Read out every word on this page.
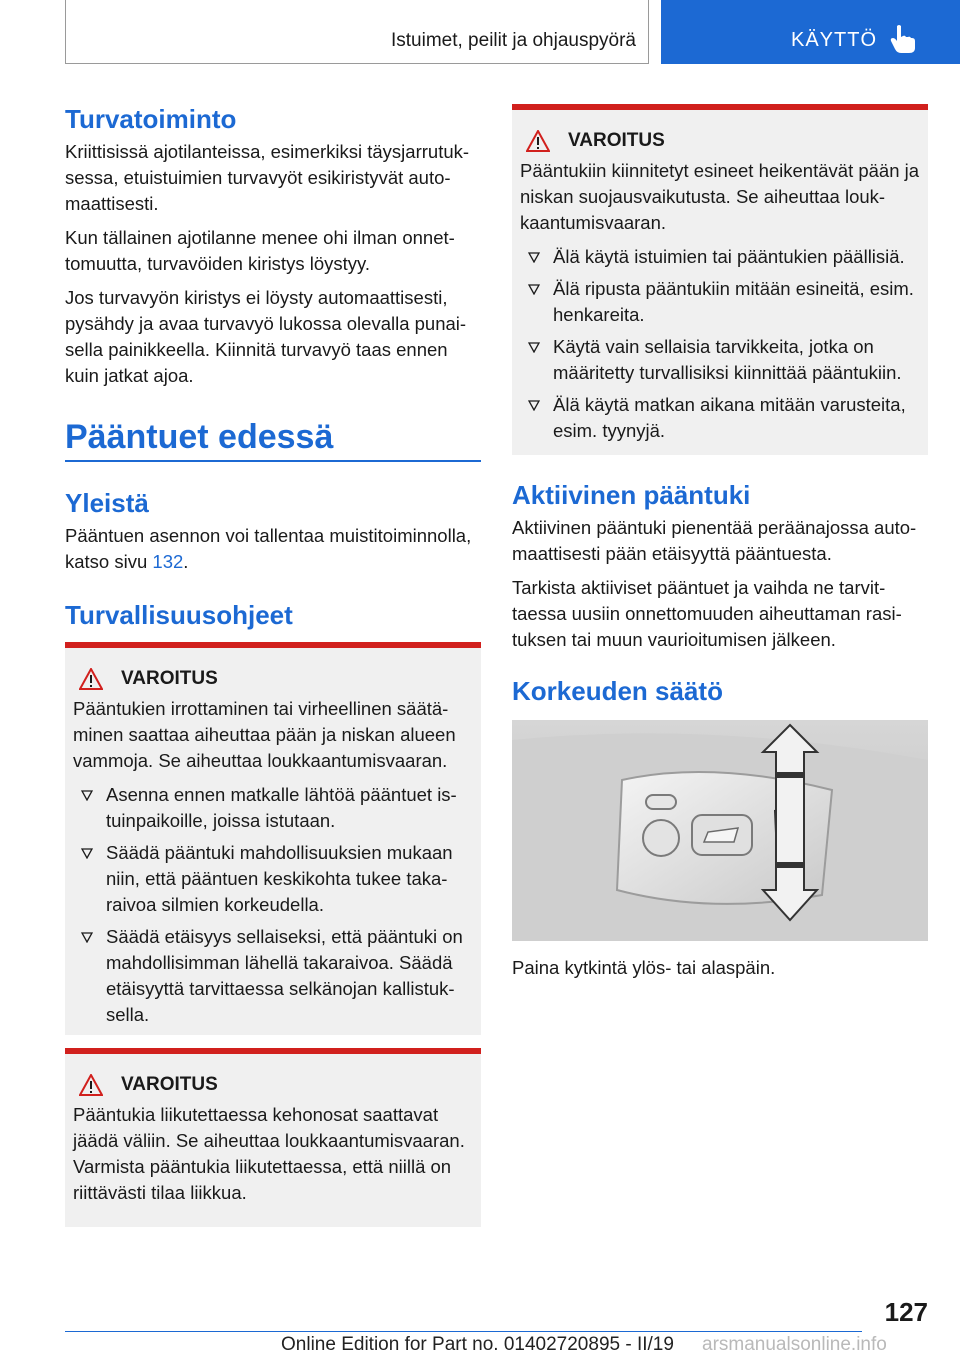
Istuimet, peilit ja ohjauspyörä	KÄYTTÖ
Turvatoiminto

Kriittisissä ajotilanteissa, esimerkiksi täysjarrutuk-sessa, etuistuimien turvavyöt esikiristyvät auto-maattisesti.

Kun tällainen ajotilanne menee ohi ilman onnet-tomuutta, turvavöiden kiristys löystyy.

Jos turvavyön kiristys ei löysty automaattisesti, pysähdy ja avaa turvavyö lukossa olevalla punai-sella painikkeella. Kiinnitä turvavyö taas ennen kuin jatkat ajoa.

Pääntuet edessä
Yleistä

Pääntuen asennon voi tallentaa muistitoiminnolla, katso sivu 132.

Turvallisuusohjeet
VAROITUS

Pääntukien irrottaminen tai virheellinen säätä-minen saattaa aiheuttaa pään ja niskan alueen vammoja. Se aiheuttaa loukkaantumisvaaran.

Asenna ennen matkalle lähtöä pääntuet is-tuinpaikoille, joissa istutaan.
Säädä pääntuki mahdollisuuksien mukaan niin, että pääntuen keskikohta tukee taka-raivoa silmien korkeudella.
Säädä etäisyys sellaiseksi, että pääntuki on mahdollisimman lähellä takaraivoa. Säädä etäisyyttä tarvittaessa selkänojan kallistuk-sella.
VAROITUS

Pääntukia liikutettaessa kehonosat saattavat jäädä väliin. Se aiheuttaa loukkaantumisvaaran. Varmista pääntukia liikutettaessa, että niillä on riittävästi tilaa liikkua.

VAROITUS

Pääntukiin kiinnitetyt esineet heikentävät pään ja niskan suojausvaikutusta. Se aiheuttaa louk-kaantumisvaaran.

Älä käytä istuimien tai pääntukien päällisiä.
Älä ripusta pääntukiin mitään esineitä, esim. henkareita.
Käytä vain sellaisia tarvikkeita, jotka on määritetty turvallisiksi kiinnittää pääntukiin.
Älä käytä matkan aikana mitään varusteita, esim. tyynyjä.
Aktiivinen pääntuki

Aktiivinen pääntuki pienentää peräänajossa auto-maattisesti pään etäisyyttä pääntuesta.

Tarkista aktiiviset pääntuet ja vaihda ne tarvit-taessa uusiin onnettomuuden aiheuttaman rasi-tuksen tai muun vaurioitumisen jälkeen.

Korkeuden säätö

Paina kytkintä ylös- tai alaspäin.

127
Online Edition for Part no. 01402720895 - II/19 arsmanualsonline.info
